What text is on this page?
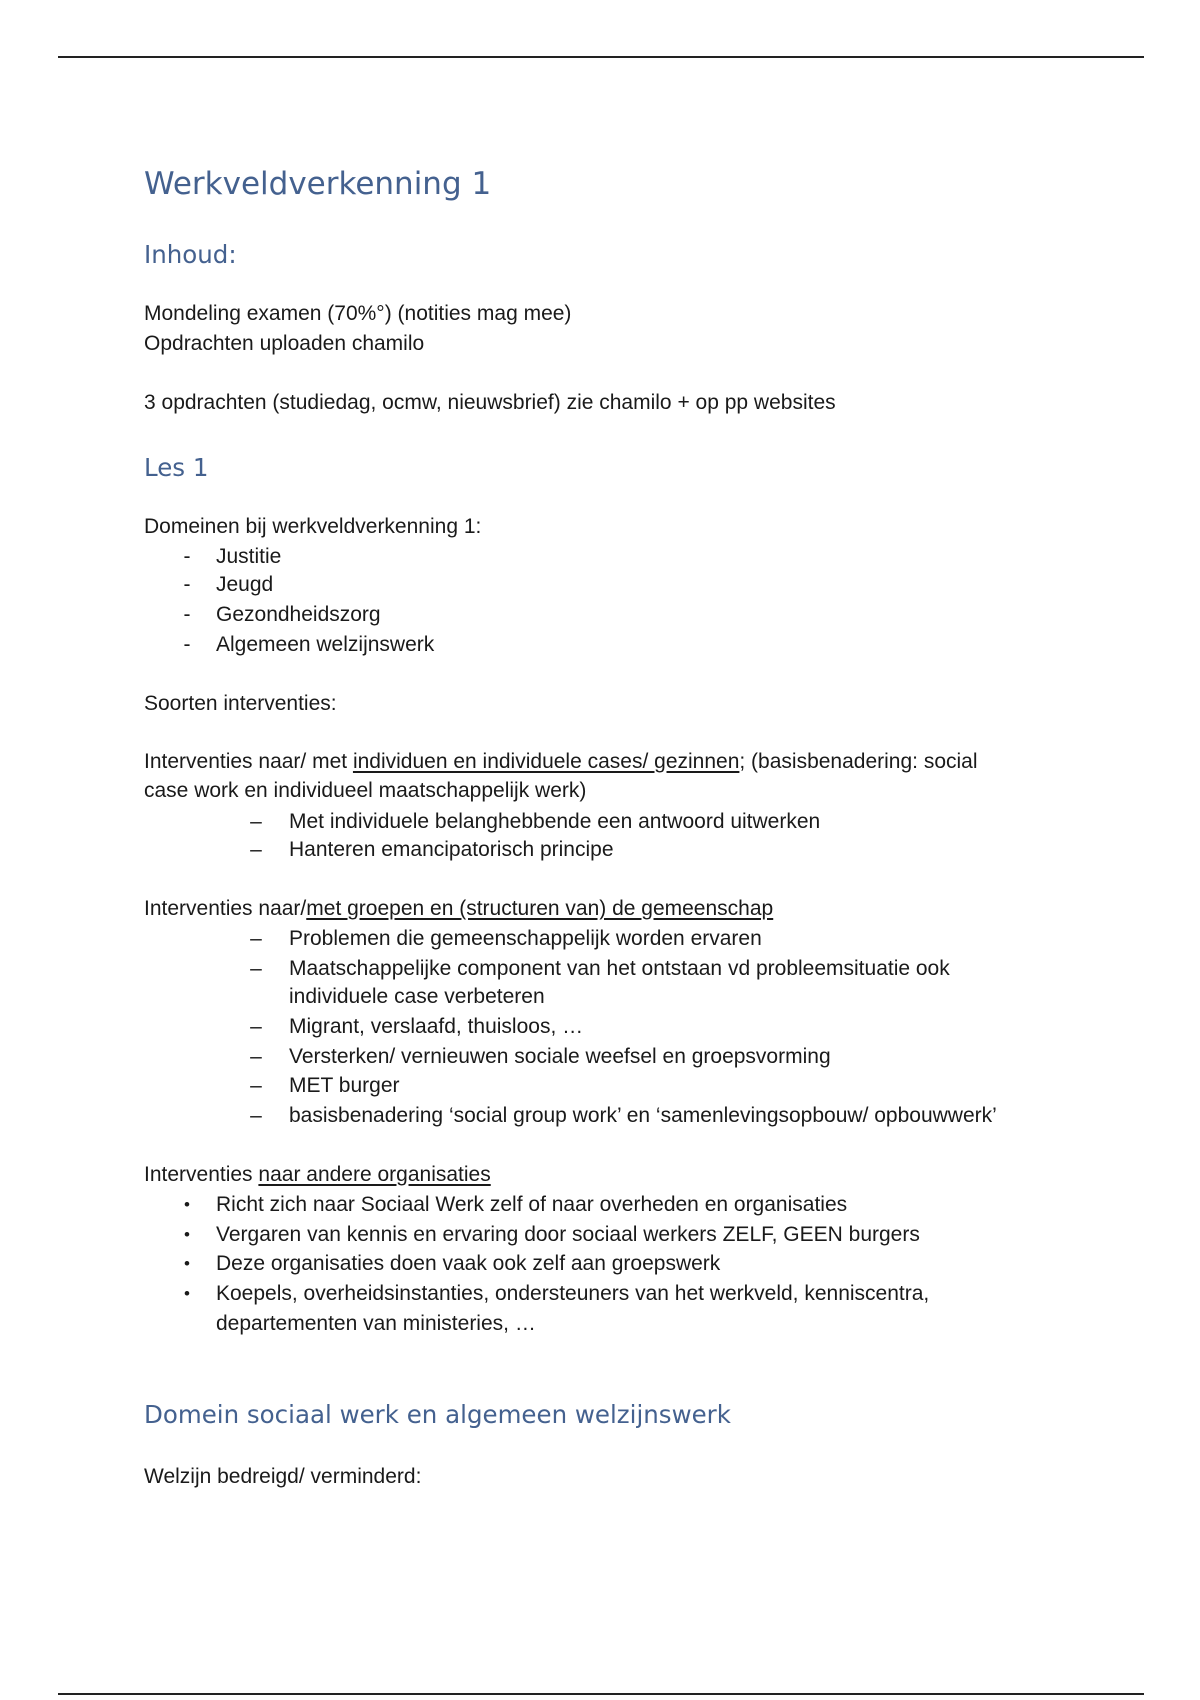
Werkveldverkenning 1
Inhoud:
Mondeling examen (70%°) (notities mag mee)
Opdrachten uploaden chamilo
3 opdrachten (studiedag, ocmw, nieuwsbrief) zie chamilo + op pp websites
Les 1
Domeinen bij werkveldverkenning 1:
-	Justitie
-	Jeugd
-	Gezondheidszorg
-	Algemeen welzijnswerk
Soorten interventies:
Interventies naar/ met individuen en individuele cases/ gezinnen; (basisbenadering: social
case work en individueel maatschappelijk werk)
– Met individuele belanghebbende een antwoord uitwerken
– Hanteren emancipatorisch principe
Interventies naar/met groepen en (structuren van) de gemeenschap
– Problemen die gemeenschappelijk worden ervaren
– Maatschappelijke component van het ontstaan vd probleemsituatie ook
individuele case verbeteren
– Migrant, verslaafd, thuisloos, …
– Versterken/ vernieuwen sociale weefsel en groepsvorming
– MET burger
– basisbenadering ‘social group work’ en ‘samenlevingsopbouw/ opbouwwerk’
Interventies naar andere organisaties
•	Richt zich naar Sociaal Werk zelf of naar overheden en organisaties
•	Vergaren van kennis en ervaring door sociaal werkers ZELF, GEEN burgers
•	Deze organisaties doen vaak ook zelf aan groepswerk
•	Koepels, overheidsinstanties, ondersteuners van het werkveld, kenniscentra,
departementen van ministeries, …
Domein sociaal werk en algemeen welzijnswerk
Welzijn bedreigd/ verminderd:
